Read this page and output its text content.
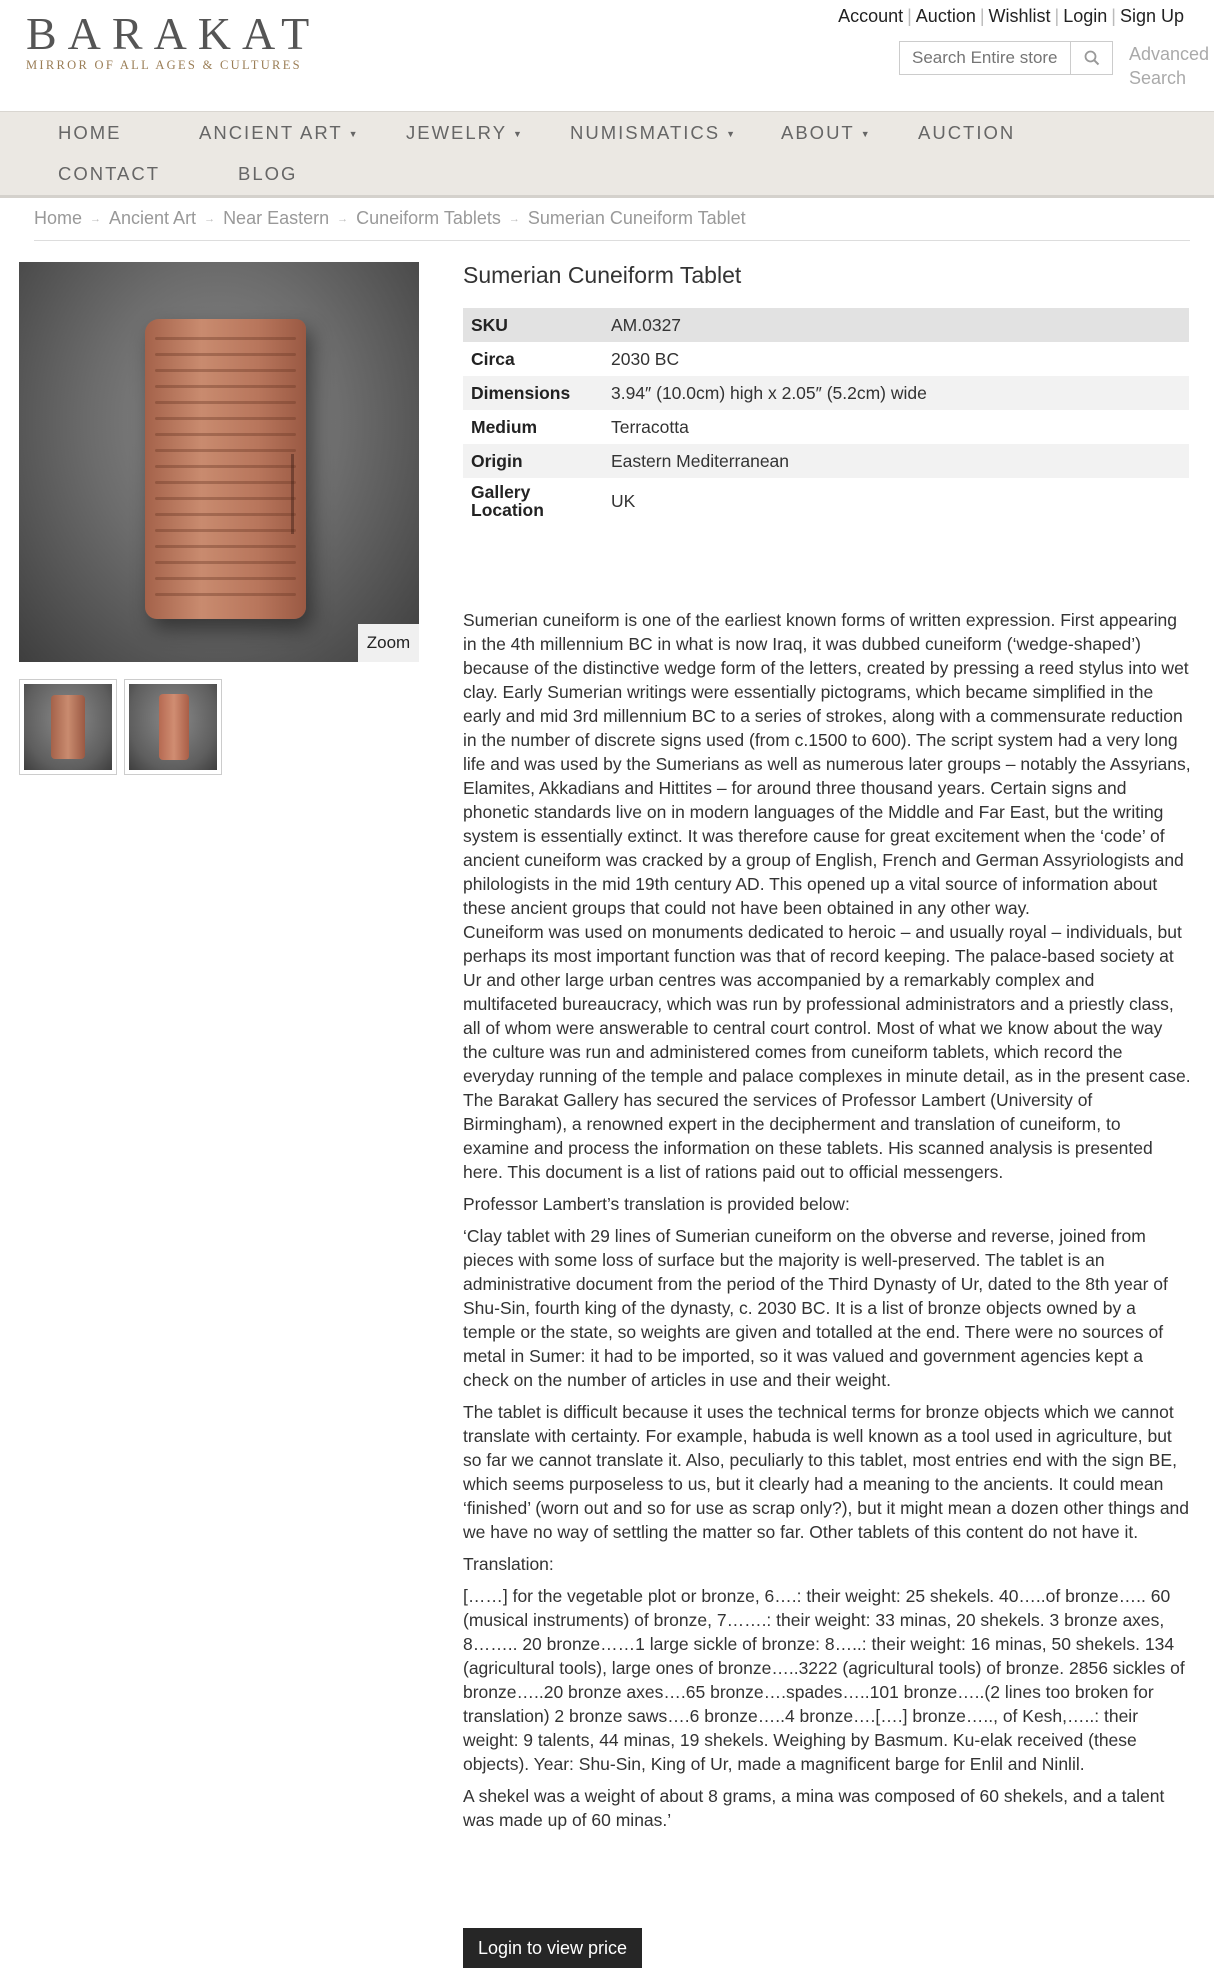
BARAKAT
MIRROR OF ALL AGES & CULTURES
Account | Auction | Wishlist | Login | Sign Up
Search Entire store here...
Advanced Search
HOME	ANCIENT ART ▼	JEWELRY ▼	NUMISMATICS ▼ ABOUT ▼	AUCTION
CONTACT	BLOG
Home → Ancient Art → Near Eastern → Cuneiform Tablets → Sumerian Cuneiform Tablet
Zoom
Sumerian Cuneiform Tablet
SKU	AM.0327
Circa	2030 BC
Dimensions	3.94″ (10.0cm) high x 2.05″ (5.2cm) wide
Medium	Terracotta
Origin	Eastern Mediterranean

Gallery
Location	UK

Sumerian cuneiform is one of the earliest known forms of written expression. First appearing in the 4th millennium BC in what is now Iraq, it was dubbed cuneiform (‘wedge-shaped’) because of the distinctive wedge form of the letters, created by pressing a reed stylus into wet clay. Early Sumerian writings were essentially pictograms, which became simplified in the early and mid 3rd millennium BC to a series of strokes, along with a commensurate reduction in the number of discrete signs used (from c.1500 to 600). The script system had a very long life and was used by the Sumerians as well as numerous later groups – notably the Assyrians, Elamites, Akkadians and Hittites – for around three thousand years. Certain signs and phonetic standards live on in modern languages of the Middle and Far East, but the writing system is essentially extinct. It was therefore cause for great excitement when the ‘code’ of ancient cuneiform was cracked by a group of English, French and German Assyriologists and philologists in the mid 19th century AD. This opened up a vital source of information about these ancient groups that could not have been obtained in any other way.

Cuneiform was used on monuments dedicated to heroic – and usually royal – individuals, but perhaps its most important function was that of record keeping. The palace-based society at Ur and other large urban centres was accompanied by a remarkably complex and multifaceted bureaucracy, which was run by professional administrators and a priestly class, all of whom were answerable to central court control. Most of what we know about the way the culture was run and administered comes from cuneiform tablets, which record the everyday running of the temple and palace complexes in minute detail, as in the present case. The Barakat Gallery has secured the services of Professor Lambert (University of Birmingham), a renowned expert in the decipherment and translation of cuneiform, to examine and process the information on these tablets. His scanned analysis is presented here. This document is a list of rations paid out to official messengers.

Professor Lambert’s translation is provided below:

‘Clay tablet with 29 lines of Sumerian cuneiform on the obverse and reverse, joined from pieces with some loss of surface but the majority is well-preserved. The tablet is an administrative document from the period of the Third Dynasty of Ur, dated to the 8th year of Shu-Sin, fourth king of the dynasty, c. 2030 BC. It is a list of bronze objects owned by a temple or the state, so weights are given and totalled at the end. There were no sources of metal in Sumer: it had to be imported, so it was valued and government agencies kept a check on the number of articles in use and their weight.

The tablet is difficult because it uses the technical terms for bronze objects which we cannot translate with certainty. For example, habuda is well known as a tool used in agriculture, but so far we cannot translate it. Also, peculiarly to this tablet, most entries end with the sign BE, which seems purposeless to us, but it clearly had a meaning to the ancients. It could mean ‘finished’ (worn out and so for use as scrap only?), but it might mean a dozen other things and we have no way of settling the matter so far. Other tablets of this content do not have it.

Translation:

[……] for the vegetable plot or bronze, 6….: their weight: 25 shekels. 40…..of bronze….. 60 (musical instruments) of bronze, 7…….: their weight: 33 minas, 20 shekels. 3 bronze axes, 8…….. 20 bronze……1 large sickle of bronze: 8…..: their weight: 16 minas, 50 shekels. 134 (agricultural tools), large ones of bronze…..3222 (agricultural tools) of bronze. 2856 sickles of bronze…..20 bronze axes….65 bronze….spades…..101 bronze…..(2 lines too broken for translation) 2 bronze saws….6 bronze…..4 bronze….[….] bronze….., of Kesh,…..: their weight: 9 talents, 44 minas, 19 shekels. Weighing by Basmum. Ku-elak received (these objects). Year: Shu-Sin, King of Ur, made a magnificent barge for Enlil and Ninlil.

A shekel was a weight of about 8 grams, a mina was composed of 60 shekels, and a talent was made up of 60 minas.’

Login to view price
